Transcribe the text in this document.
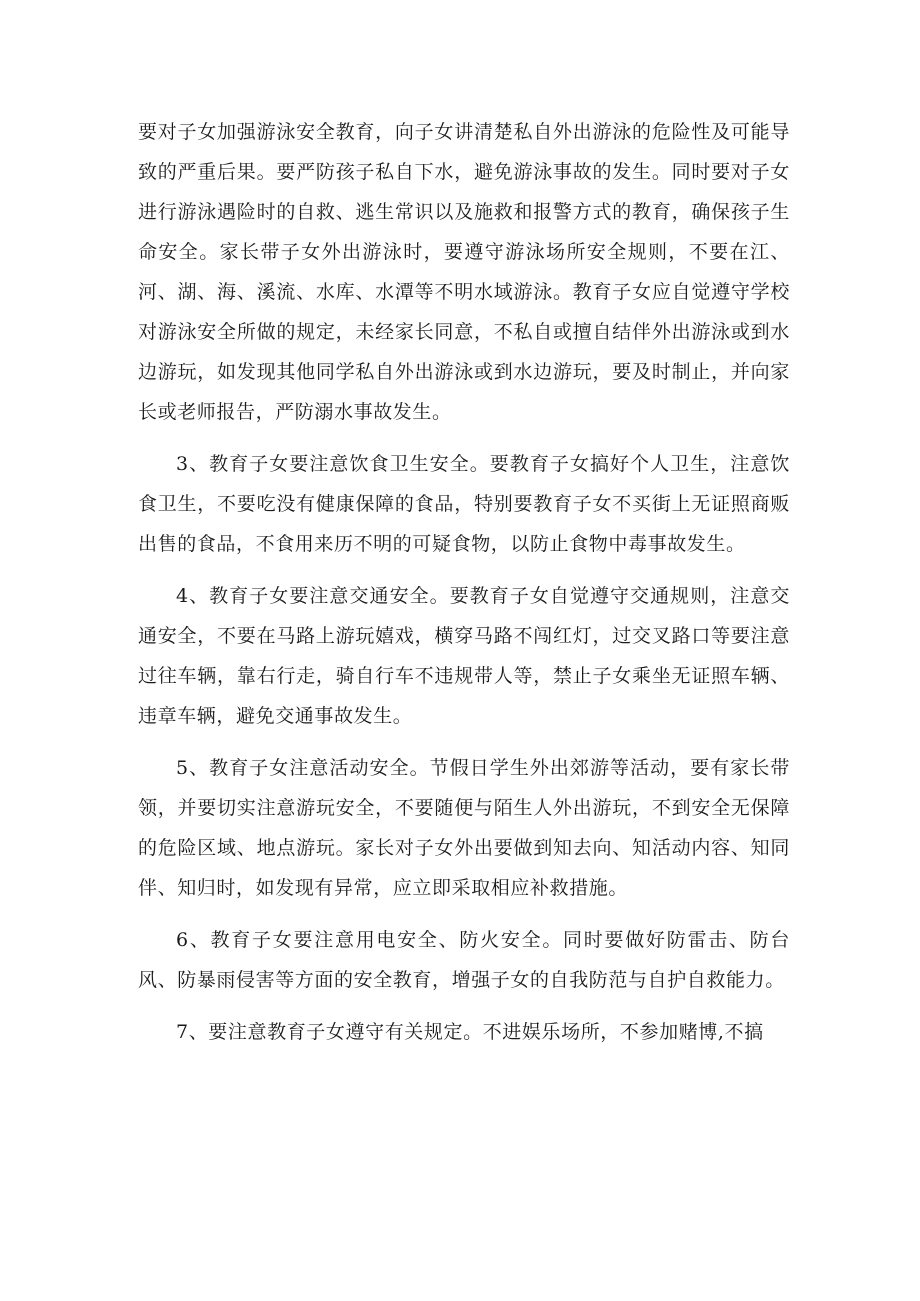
要对子女加强游泳安全教育，向子女讲清楚私自外出游泳的危险性及可能导致的严重后果。要严防孩子私自下水，避免游泳事故的发生。同时要对子女进行游泳遇险时的自救、逃生常识以及施救和报警方式的教育，确保孩子生命安全。家长带子女外出游泳时，要遵守游泳场所安全规则，不要在江、河、湖、海、溪流、水库、水潭等不明水域游泳。教育子女应自觉遵守学校对游泳安全所做的规定，未经家长同意，不私自或擅自结伴外出游泳或到水边游玩，如发现其他同学私自外出游泳或到水边游玩，要及时制止，并向家长或老师报告，严防溺水事故发生。

3、教育子女要注意饮食卫生安全。要教育子女搞好个人卫生，注意饮食卫生，不要吃没有健康保障的食品，特别要教育子女不买街上无证照商贩出售的食品，不食用来历不明的可疑食物，以防止食物中毒事故发生。

4、教育子女要注意交通安全。要教育子女自觉遵守交通规则，注意交通安全，不要在马路上游玩嬉戏，横穿马路不闯红灯，过交叉路口等要注意过往车辆，靠右行走，骑自行车不违规带人等，禁止子女乘坐无证照车辆、违章车辆，避免交通事故发生。

5、教育子女注意活动安全。节假日学生外出郊游等活动，要有家长带领，并要切实注意游玩安全，不要随便与陌生人外出游玩，不到安全无保障的危险区域、地点游玩。家长对子女外出要做到知去向、知活动内容、知同伴、知归时，如发现有异常，应立即采取相应补救措施。

6、教育子女要注意用电安全、防火安全。同时要做好防雷击、防台风、防暴雨侵害等方面的安全教育，增强子女的自我防范与自护自救能力。

7、要注意教育子女遵守有关规定。不进娱乐场所，不参加赌博,不搞
